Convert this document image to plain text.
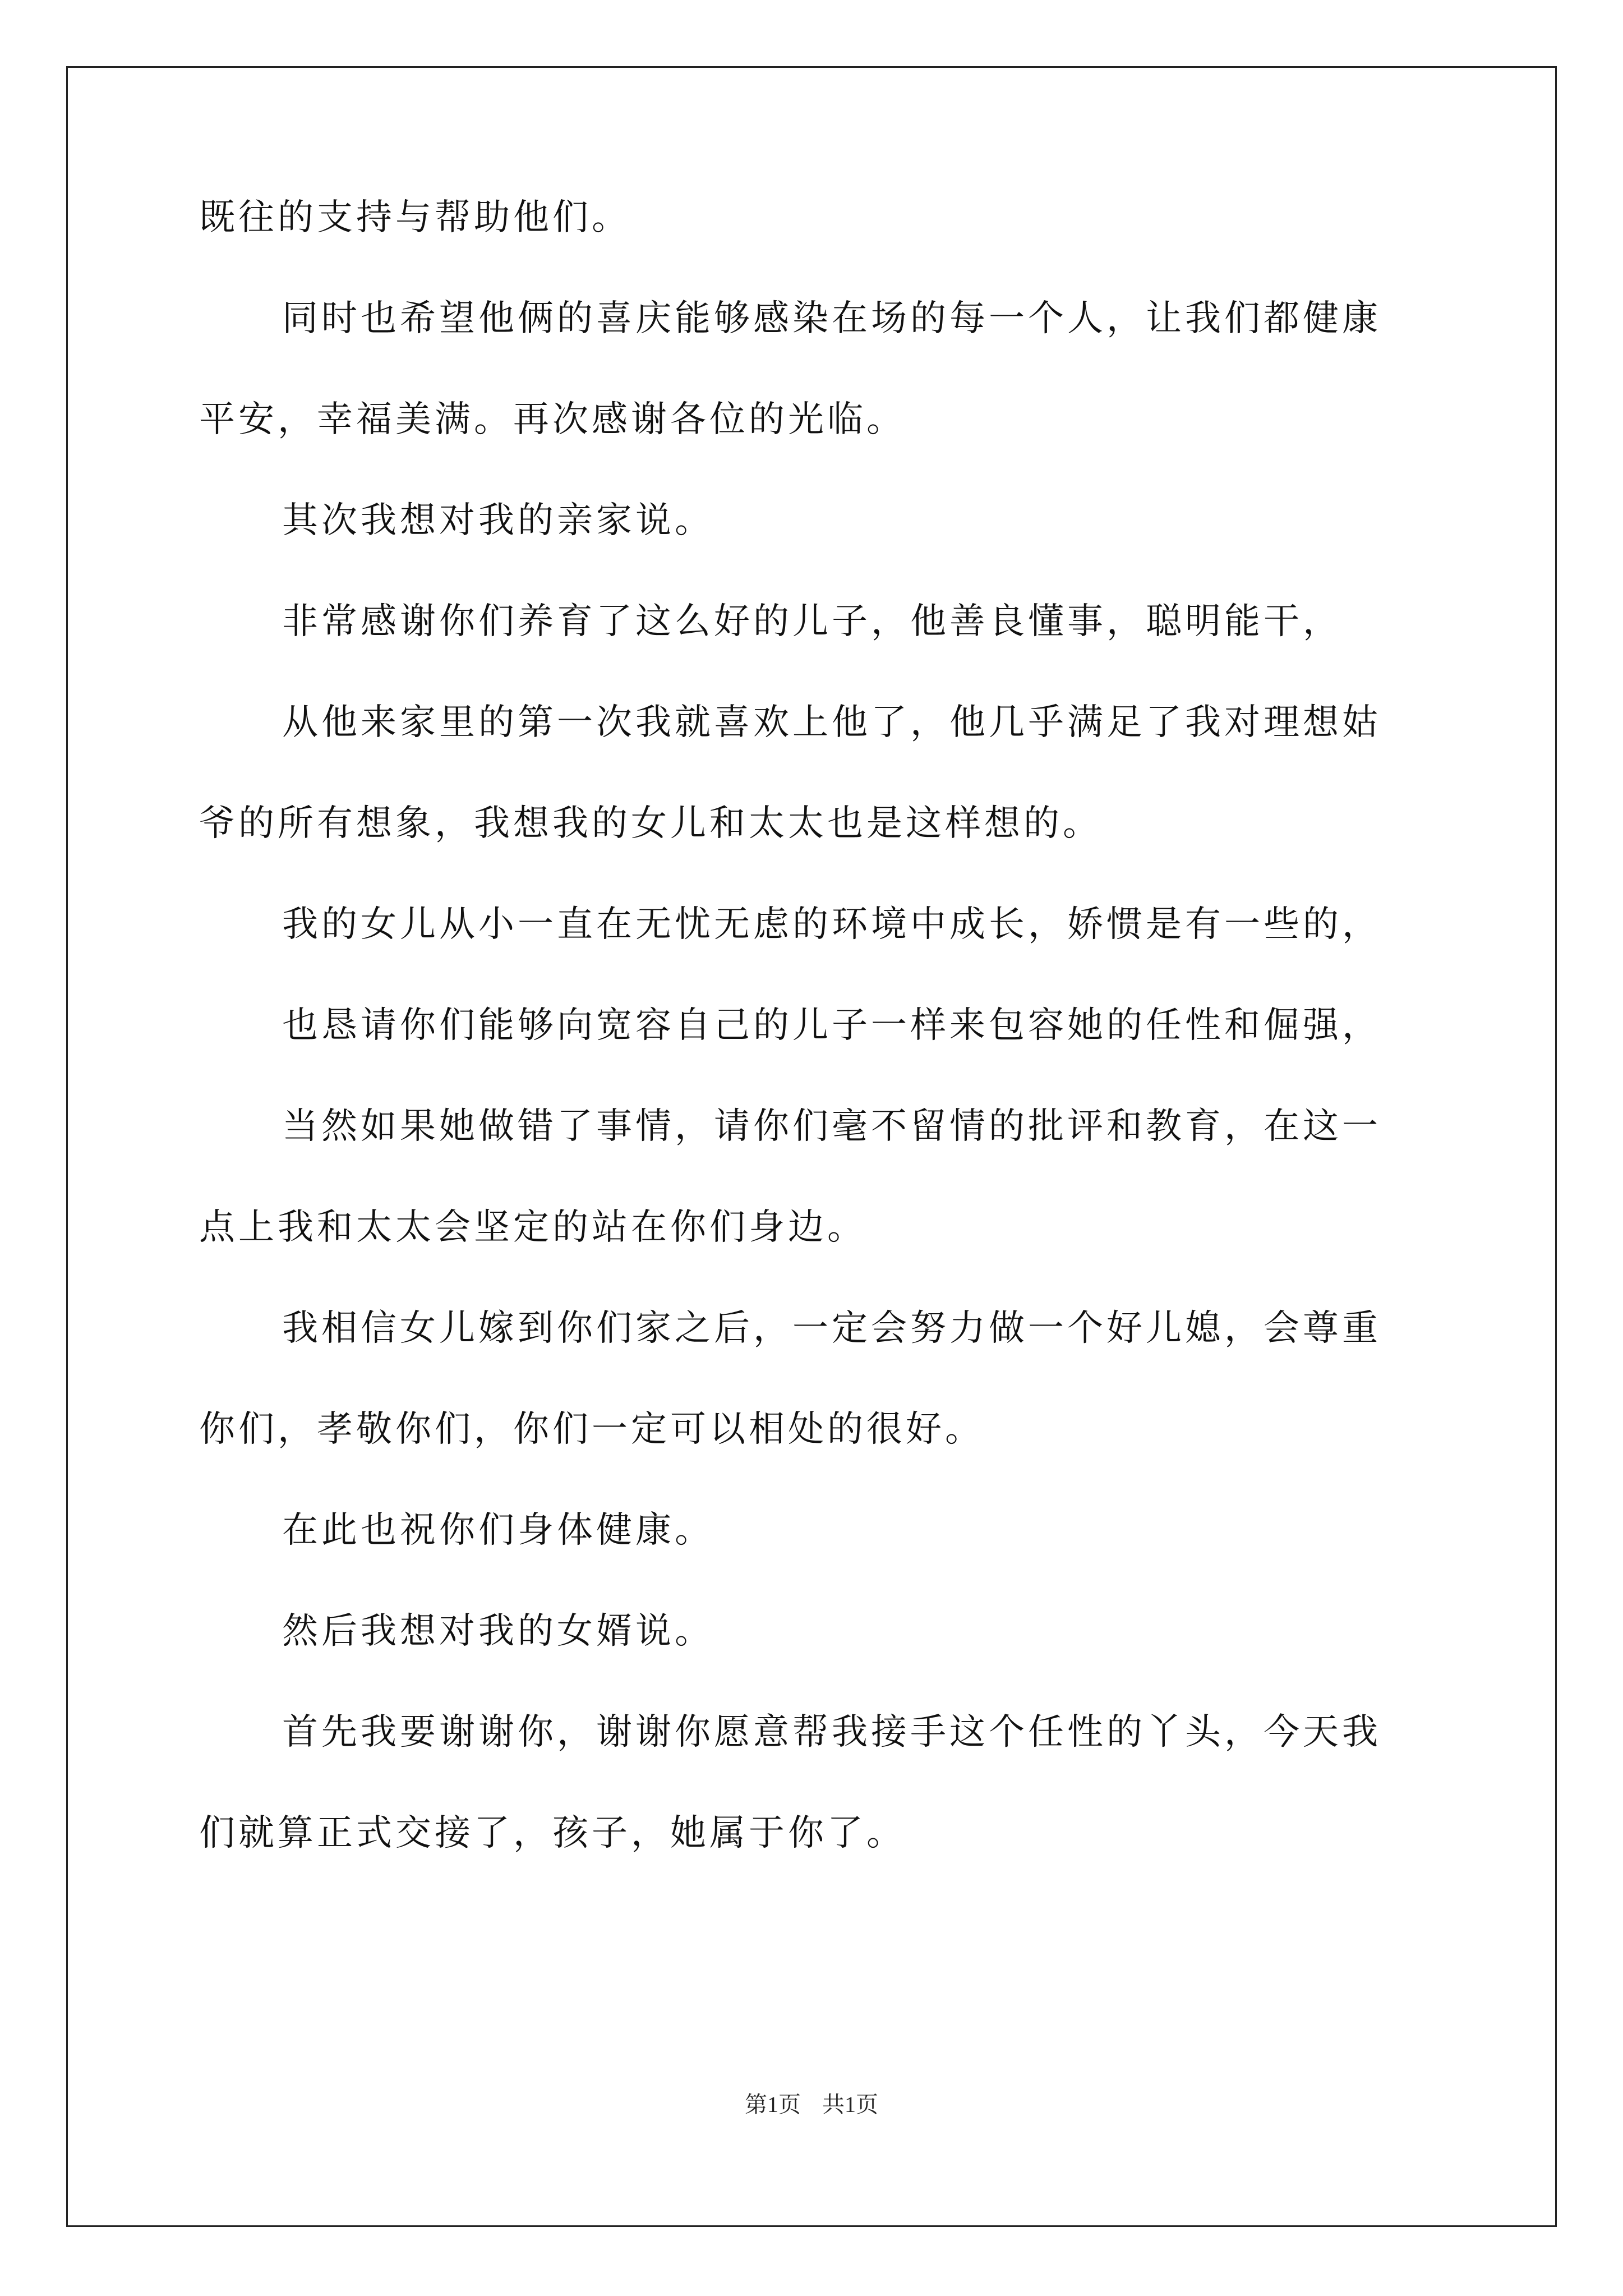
既往的支持与帮助他们。
同时也希望他俩的喜庆能够感染在场的每一个人，让我们都健康
平安，幸福美满。再次感谢各位的光临。
其次我想对我的亲家说。
非常感谢你们养育了这么好的儿子，他善良懂事，聪明能干，
从他来家里的第一次我就喜欢上他了，他几乎满足了我对理想姑
爷的所有想象，我想我的女儿和太太也是这样想的。
我的女儿从小一直在无忧无虑的环境中成长，娇惯是有一些的，
也恳请你们能够向宽容自己的儿子一样来包容她的任性和倔强，
当然如果她做错了事情，请你们毫不留情的批评和教育，在这一
点上我和太太会坚定的站在你们身边。
我相信女儿嫁到你们家之后，一定会努力做一个好儿媳，会尊重
你们，孝敬你们，你们一定可以相处的很好。
在此也祝你们身体健康。
然后我想对我的女婿说。
首先我要谢谢你，谢谢你愿意帮我接手这个任性的丫头，今天我
们就算正式交接了，孩子，她属于你了。
第1页 共1页
